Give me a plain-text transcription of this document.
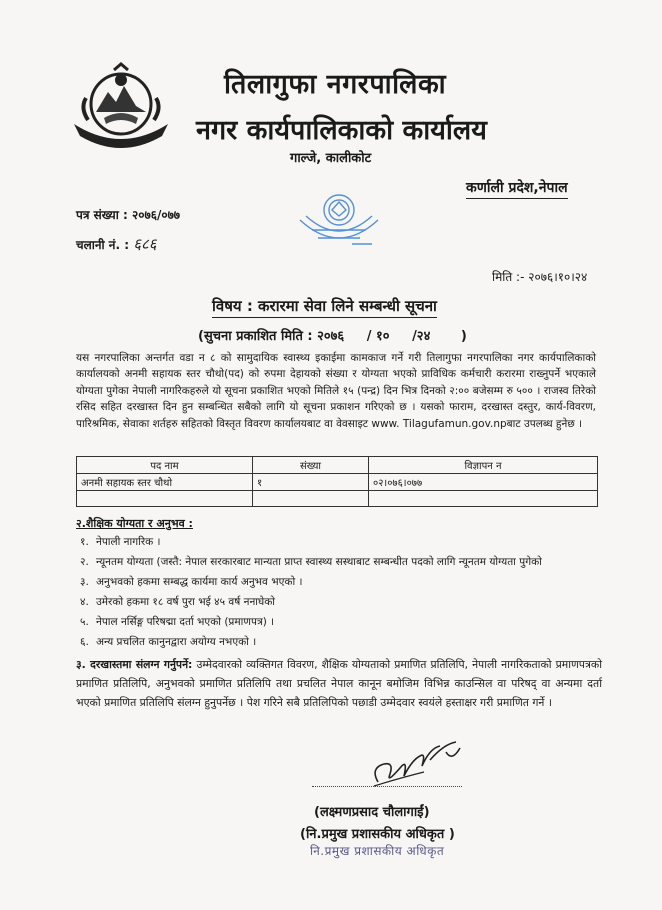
तिलागुफा नगरपालिका
नगर कार्यपालिकाको कार्यालय
गाल्जे, कालीकोट
कर्णाली प्रदेश,नेपाल
पत्र संख्या : २०७६/०७७
चलानी नं. : ६८६
मिति :- २०७६।१०।२४
विषय : करारमा सेवा लिने सम्बन्धी सूचना
(सुचना प्रकाशित मिति : २०७६ / १० /२४ )
यस नगरपालिका अन्तर्गत वडा न ८ को सामुदायिक स्वास्थ्य इकाईमा कामकाज गर्ने गरी तिलागुफा नगरपालिका नगर कार्यपालिकाको कार्यालयको अनमी सहायक स्तर चौथो(पद) को रुपमा देहायको संख्या र योग्यता भएको प्राविधिक कर्मचारी करारमा राख्नुपर्ने भएकाले योग्यता पुगेका नेपाली नागरिकहरुले यो सूचना प्रकाशित भएको मितिले १५ (पन्द्र) दिन भित्र दिनको २:०० बजेसम्म रु ५०० । राजस्व तिरेको रसिद सहित दरखास्त दिन हुन सम्बन्धित सबैको लागि यो सूचना प्रकाशन गरिएको छ । यसको फाराम, दरखास्त दस्तुर, कार्य-विवरण, पारिश्रमिक, सेवाका शर्तहरु सहितको विस्तृत विवरण कार्यालयबाट वा वेवसाइट www. Tilagufamun.gov.npबाट उपलब्ध हुनेछ ।
पद नाम	संख्या	विज्ञापन न
अनमी सहायक स्तर चौथो	१	०२।०७६।०७७

२.शैक्षिक योग्यता र अनुभव :
१. नेपाली नागरिक ।
२. न्यूनतम योग्यता (जस्तै: नेपाल सरकारबाट मान्यता प्राप्त स्वास्थ्य सस्थाबाट सम्बन्धीत पदको लागि न्यूनतम योग्यता पुगेको
३. अनुभवको हकमा सम्बद्ध कार्यमा कार्य अनुभव भएको ।
४. उमेरको हकमा १८ वर्ष पुरा भई ४५ वर्ष ननाघेको
५. नेपाल नर्सिङ्ग परिषद्मा दर्ता भएको (प्रमाणपत्र) ।
६. अन्य प्रचलित कानुनद्वारा अयोग्य नभएको ।
३. दरखास्तमा संलग्न गर्नुपर्ने: उम्मेदवारको व्यक्तिगत विवरण, शैक्षिक योग्यताको प्रमाणित प्रतिलिपि, नेपाली नागरिकताको प्रमाणपत्रको प्रमाणित प्रतिलिपि, अनुभवको प्रमाणित प्रतिलिपि तथा प्रचलित नेपाल कानून बमोजिम विभिन्न काउन्सिल वा परिषद् वा अन्यमा दर्ता भएको प्रमाणित प्रतिलिपि संलग्न हुनुपर्नेछ । पेश गरिने सबै प्रतिलिपिको पछाडी उम्मेदवार स्वयंले हस्ताक्षर गरी प्रमाणित गर्ने ।
(लक्ष्मणप्रसाद चौलागाईं)
(नि.प्रमुख प्रशासकीय अधिकृत )
नि.प्रमुख प्रशासकीय अधिकृत
